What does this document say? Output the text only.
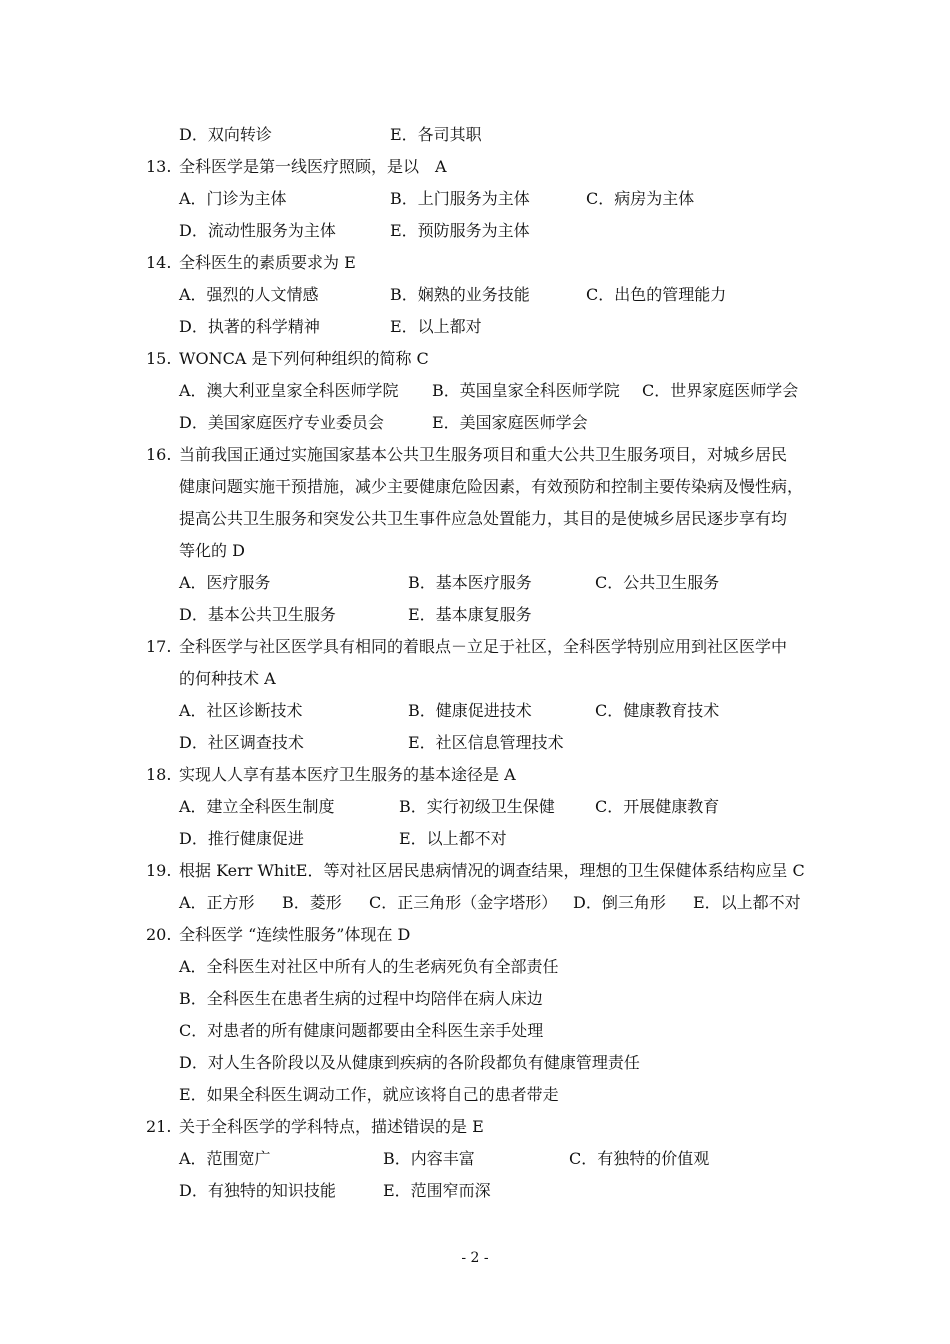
D．双向转诊	E．各司其职
13. 全科医学是第一线医疗照顾，是以　A
A．门诊为主体	B．上门服务为主体	C．病房为主体
D．流动性服务为主体	E．预防服务为主体
14. 全科医生的素质要求为 E
A．强烈的人文情感	B．娴熟的业务技能	C．出色的管理能力
D．执著的科学精神	E．以上都对
15. WONCA 是下列何种组织的简称 C
A．澳大利亚皇家全科医师学院 B．英国皇家全科医师学院 C．世界家庭医师学会
D．美国家庭医疗专业委员会	E．美国家庭医师学会
16. 当前我国正通过实施国家基本公共卫生服务项目和重大公共卫生服务项目，对城乡居民
健康问题实施干预措施，减少主要健康危险因素，有效预防和控制主要传染病及慢性病，
提高公共卫生服务和突发公共卫生事件应急处置能力，其目的是使城乡居民逐步享有均
等化的 D
A．医疗服务	B．基本医疗服务	C．公共卫生服务
D．基本公共卫生服务	E．基本康复服务
17. 全科医学与社区医学具有相同的着眼点－立足于社区，全科医学特别应用到社区医学中
的何种技术 A
A．社区诊断技术	B．健康促进技术	C．健康教育技术
D．社区调查技术	E．社区信息管理技术
18. 实现人人享有基本医疗卫生服务的基本途径是 A
A．建立全科医生制度	B．实行初级卫生保健	C．开展健康教育
D．推行健康促进	E．以上都不对
19. 根据 Kerr WhitE．等对社区居民患病情况的调查结果，理想的卫生保健体系结构应呈 C
A．正方形 B．菱形 C．正三角形（金字塔形） D．倒三角形 E．以上都不对
20. 全科医学 “连续性服务”体现在 D
A．全科医生对社区中所有人的生老病死负有全部责任
B．全科医生在患者生病的过程中均陪伴在病人床边
C．对患者的所有健康问题都要由全科医生亲手处理
D．对人生各阶段以及从健康到疾病的各阶段都负有健康管理责任
E．如果全科医生调动工作，就应该将自己的患者带走
21. 关于全科医学的学科特点，描述错误的是 E
A．范围宽广	B．内容丰富	C．有独特的价值观
D．有独特的知识技能	E．范围窄而深
- 2 -
